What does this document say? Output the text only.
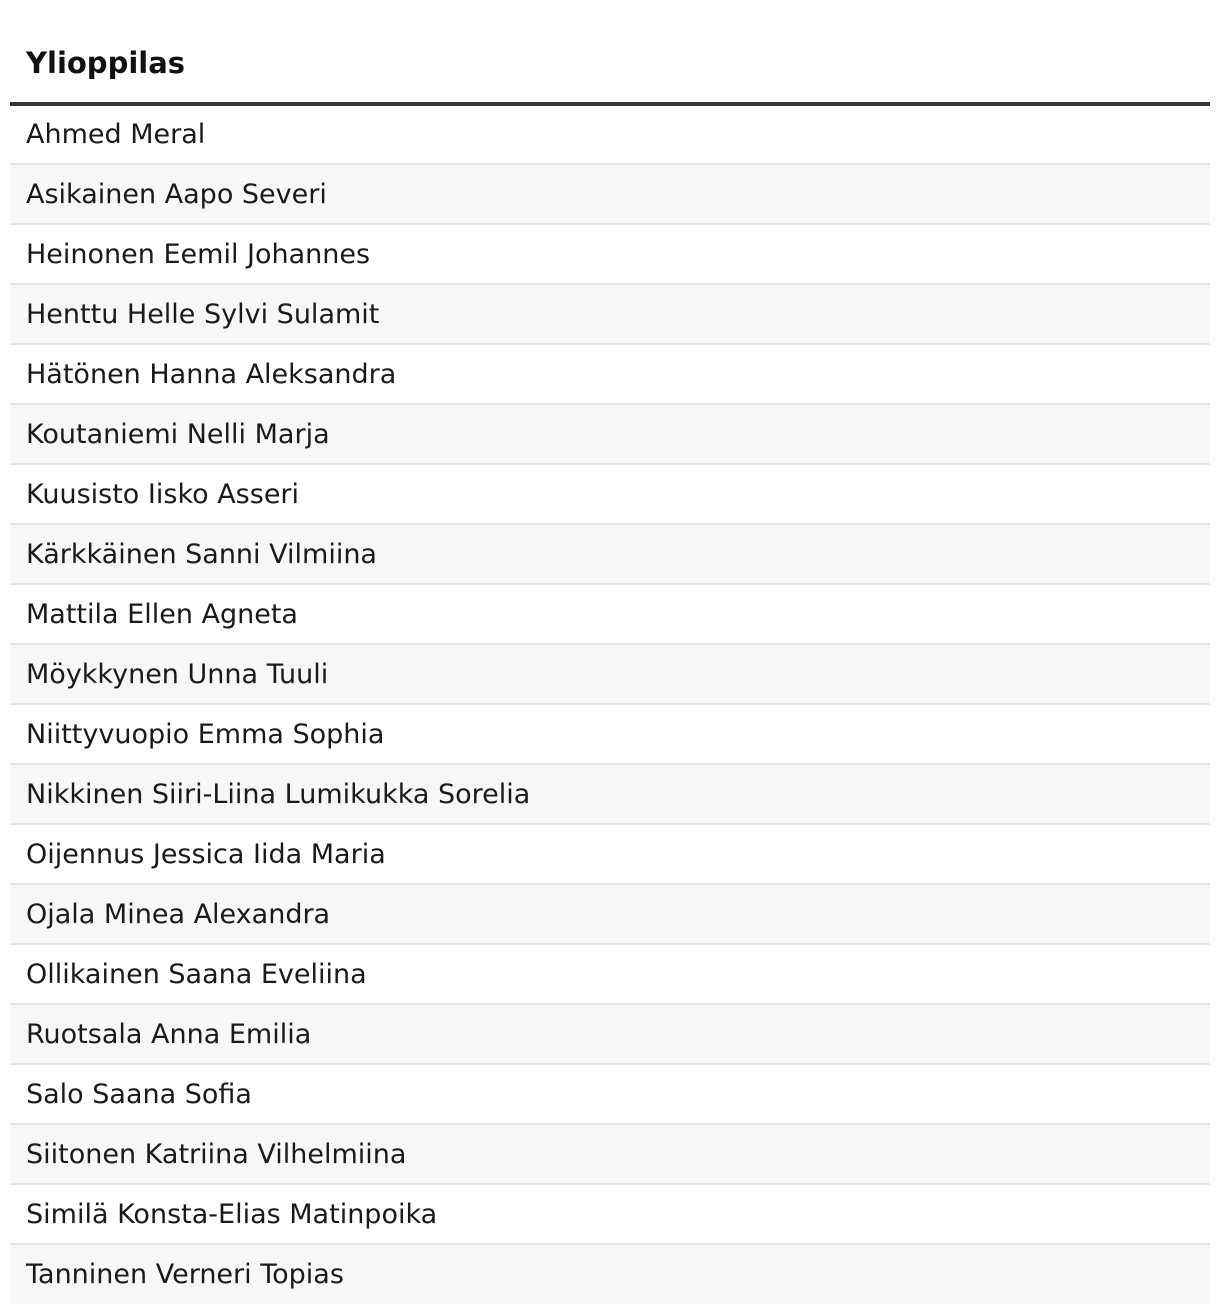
Ylioppilas
Ahmed Meral
Asikainen Aapo Severi
Heinonen Eemil Johannes
Henttu Helle Sylvi Sulamit
Hätönen Hanna Aleksandra
Koutaniemi Nelli Marja
Kuusisto Iisko Asseri
Kärkkäinen Sanni Vilmiina
Mattila Ellen Agneta
Möykkynen Unna Tuuli
Niittyvuopio Emma Sophia
Nikkinen Siiri-Liina Lumikukka Sorelia
Oijennus Jessica Iida Maria
Ojala Minea Alexandra
Ollikainen Saana Eveliina
Ruotsala Anna Emilia
Salo Saana Sofia
Siitonen Katriina Vilhelmiina
Similä Konsta-Elias Matinpoika
Tanninen Verneri Topias
